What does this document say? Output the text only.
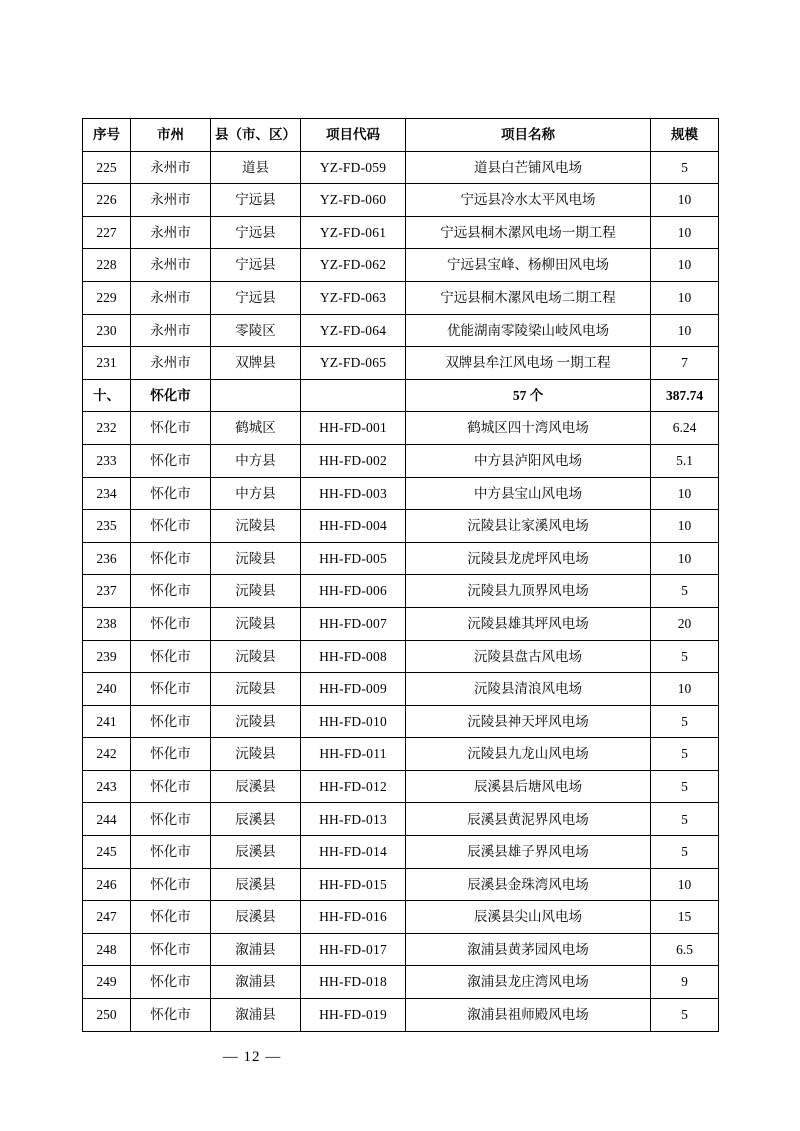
序号	市州	县（市、区）	项目代码	项目名称	规模
225	永州市	道县	YZ-FD-059	道县白芒铺风电场	5
226	永州市	宁远县	YZ-FD-060	宁远县冷水太平风电场	10
227	永州市	宁远县	YZ-FD-061	宁远县桐木漯风电场一期工程	10
228	永州市	宁远县	YZ-FD-062	宁远县宝峰、杨柳田风电场	10
229	永州市	宁远县	YZ-FD-063	宁远县桐木漯风电场二期工程	10
230	永州市	零陵区	YZ-FD-064	优能湖南零陵梁山岐风电场	10
231	永州市	双牌县	YZ-FD-065	双牌县牟江风电场 一期工程	7
十、	怀化市			57 个	387.74
232	怀化市	鹤城区	HH-FD-001	鹤城区四十湾风电场	6.24
233	怀化市	中方县	HH-FD-002	中方县泸阳风电场	5.1
234	怀化市	中方县	HH-FD-003	中方县宝山风电场	10
235	怀化市	沅陵县	HH-FD-004	沅陵县让家溪风电场	10
236	怀化市	沅陵县	HH-FD-005	沅陵县龙虎坪风电场	10
237	怀化市	沅陵县	HH-FD-006	沅陵县九顶界风电场	5
238	怀化市	沅陵县	HH-FD-007	沅陵县雄其坪风电场	20
239	怀化市	沅陵县	HH-FD-008	沅陵县盘古风电场	5
240	怀化市	沅陵县	HH-FD-009	沅陵县清浪风电场	10
241	怀化市	沅陵县	HH-FD-010	沅陵县神天坪风电场	5
242	怀化市	沅陵县	HH-FD-011	沅陵县九龙山风电场	5
243	怀化市	辰溪县	HH-FD-012	辰溪县后塘风电场	5
244	怀化市	辰溪县	HH-FD-013	辰溪县黄泥界风电场	5
245	怀化市	辰溪县	HH-FD-014	辰溪县雄子界风电场	5
246	怀化市	辰溪县	HH-FD-015	辰溪县金珠湾风电场	10
247	怀化市	辰溪县	HH-FD-016	辰溪县尖山风电场	15
248	怀化市	溆浦县	HH-FD-017	溆浦县黄茅园风电场	6.5
249	怀化市	溆浦县	HH-FD-018	溆浦县龙庄湾风电场	9
250	怀化市	溆浦县	HH-FD-019	溆浦县祖师殿风电场	5
— 12 —
